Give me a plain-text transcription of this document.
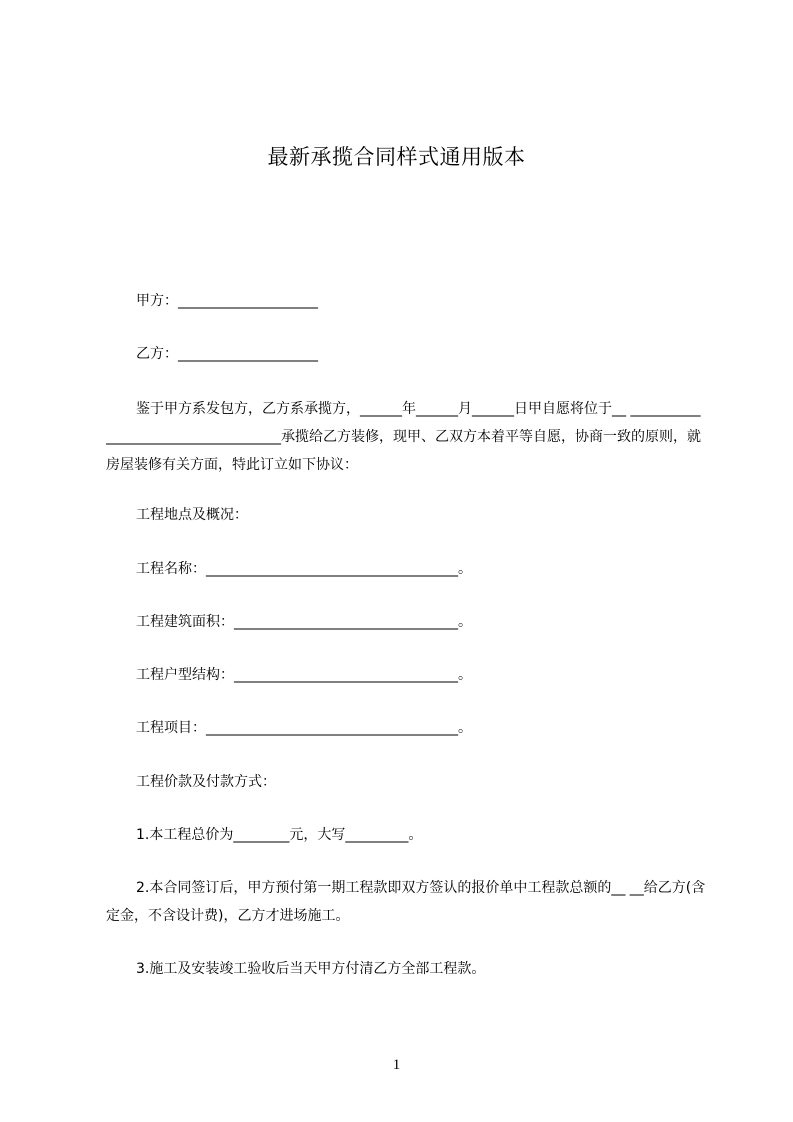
最新承揽合同样式通用版本
甲方：____________________
乙方：____________________
鉴于甲方系发包方，乙方系承揽方，______年______月______日甲自愿将位于__ ___________________________________承揽给乙方装修，现甲、乙双方本着平等自愿，协商一致的原则，就房屋装修有关方面，特此订立如下协议：
工程地点及概况：
工程名称：____________________________________。
工程建筑面积：________________________________。
工程户型结构：________________________________。
工程项目：____________________________________。
工程价款及付款方式：
1.本工程总价为________元，大写_________。
2.本合同签订后，甲方预付第一期工程款即双方签认的报价单中工程款总额的__ __给乙方(含定金，不含设计费)，乙方才进场施工。
3.施工及安装竣工验收后当天甲方付清乙方全部工程款。
1
